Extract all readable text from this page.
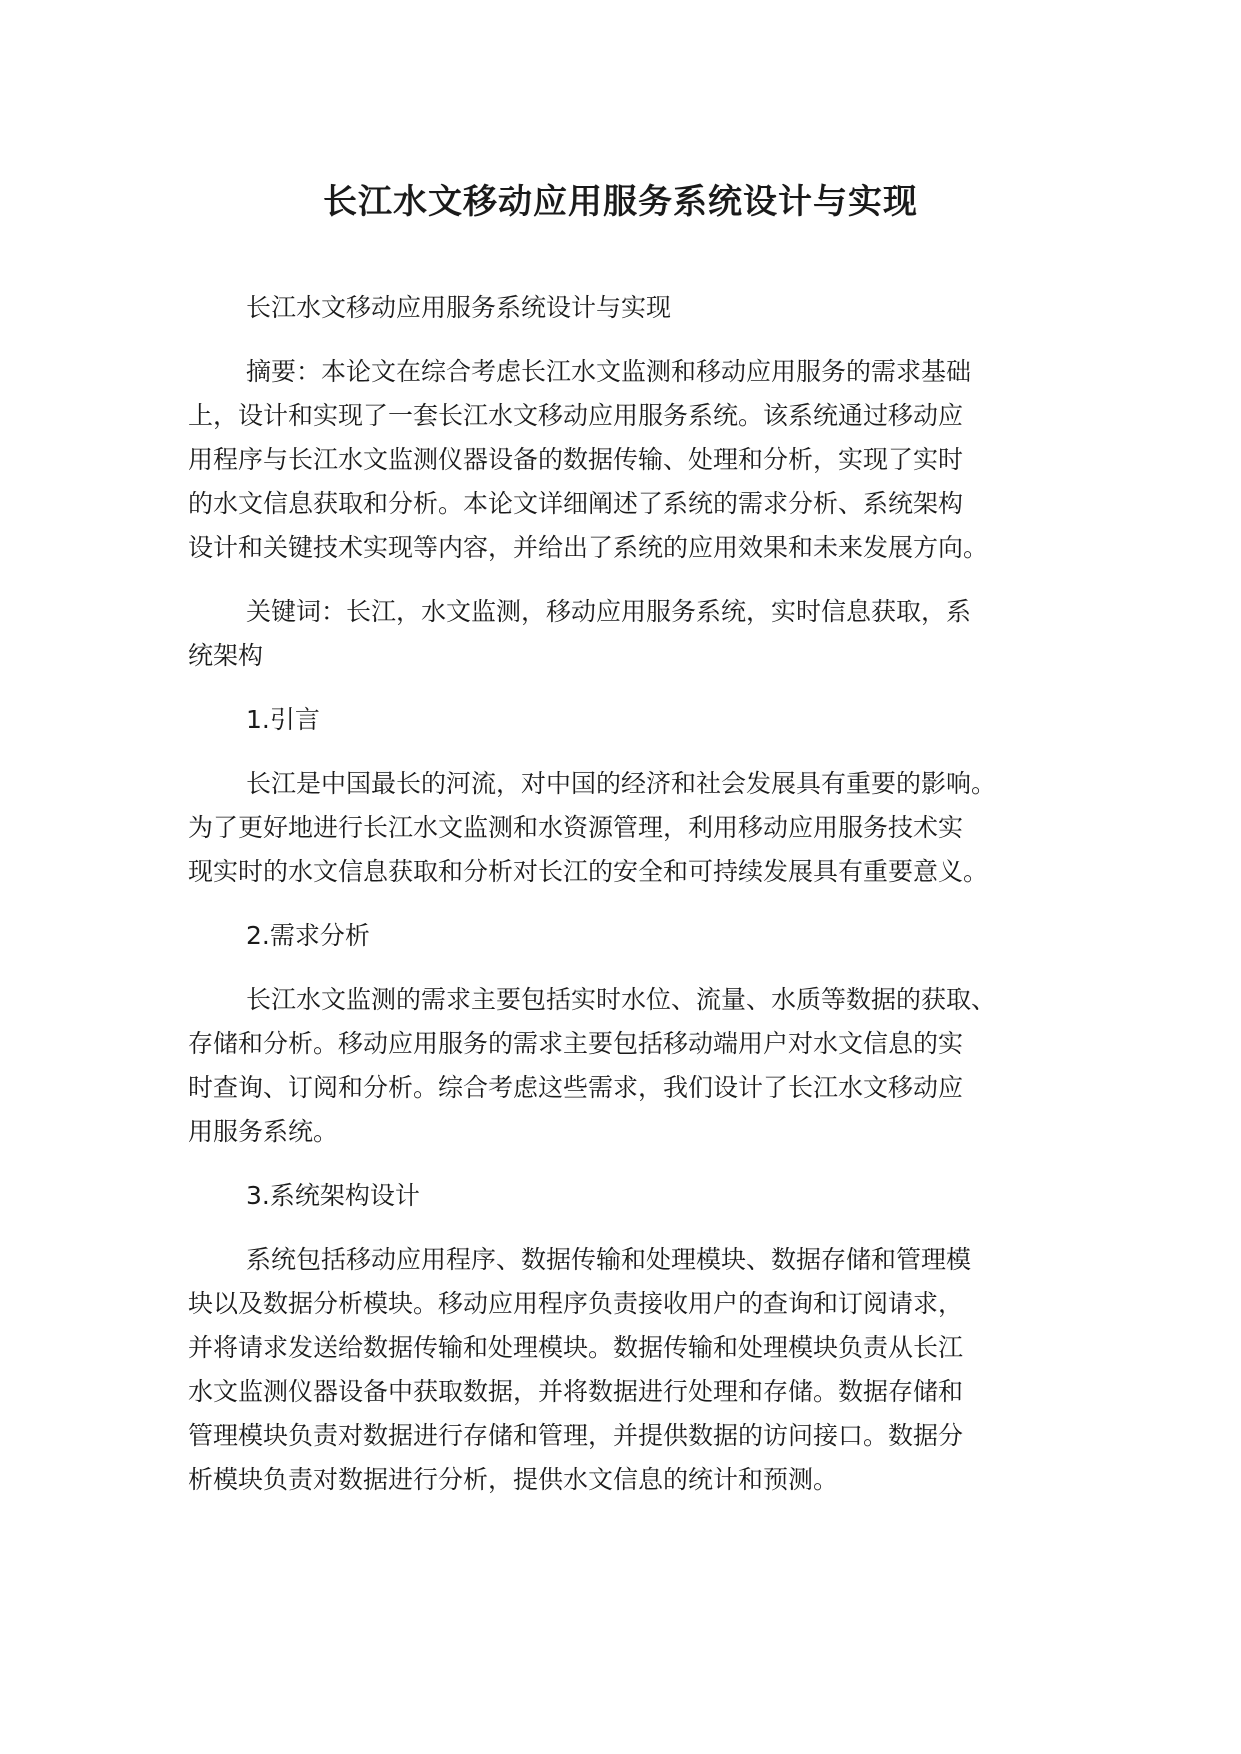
长江水文移动应用服务系统设计与实现

长江水文移动应用服务系统设计与实现

摘要：本论文在综合考虑长江水文监测和移动应用服务的需求基础

上，设计和实现了一套长江水文移动应用服务系统。该系统通过移动应

用程序与长江水文监测仪器设备的数据传输、处理和分析，实现了实时

的水文信息获取和分析。本论文详细阐述了系统的需求分析、系统架构

设计和关键技术实现等内容，并给出了系统的应用效果和未来发展方向。

关键词：长江，水文监测，移动应用服务系统，实时信息获取，系

统架构

1.引言

长江是中国最长的河流，对中国的经济和社会发展具有重要的影响。

为了更好地进行长江水文监测和水资源管理，利用移动应用服务技术实

现实时的水文信息获取和分析对长江的安全和可持续发展具有重要意义。

2.需求分析

长江水文监测的需求主要包括实时水位、流量、水质等数据的获取、

存储和分析。移动应用服务的需求主要包括移动端用户对水文信息的实

时查询、订阅和分析。综合考虑这些需求，我们设计了长江水文移动应

用服务系统。

3.系统架构设计

系统包括移动应用程序、数据传输和处理模块、数据存储和管理模

块以及数据分析模块。移动应用程序负责接收用户的查询和订阅请求，

并将请求发送给数据传输和处理模块。数据传输和处理模块负责从长江

水文监测仪器设备中获取数据，并将数据进行处理和存储。数据存储和

管理模块负责对数据进行存储和管理，并提供数据的访问接口。数据分

析模块负责对数据进行分析，提供水文信息的统计和预测。
